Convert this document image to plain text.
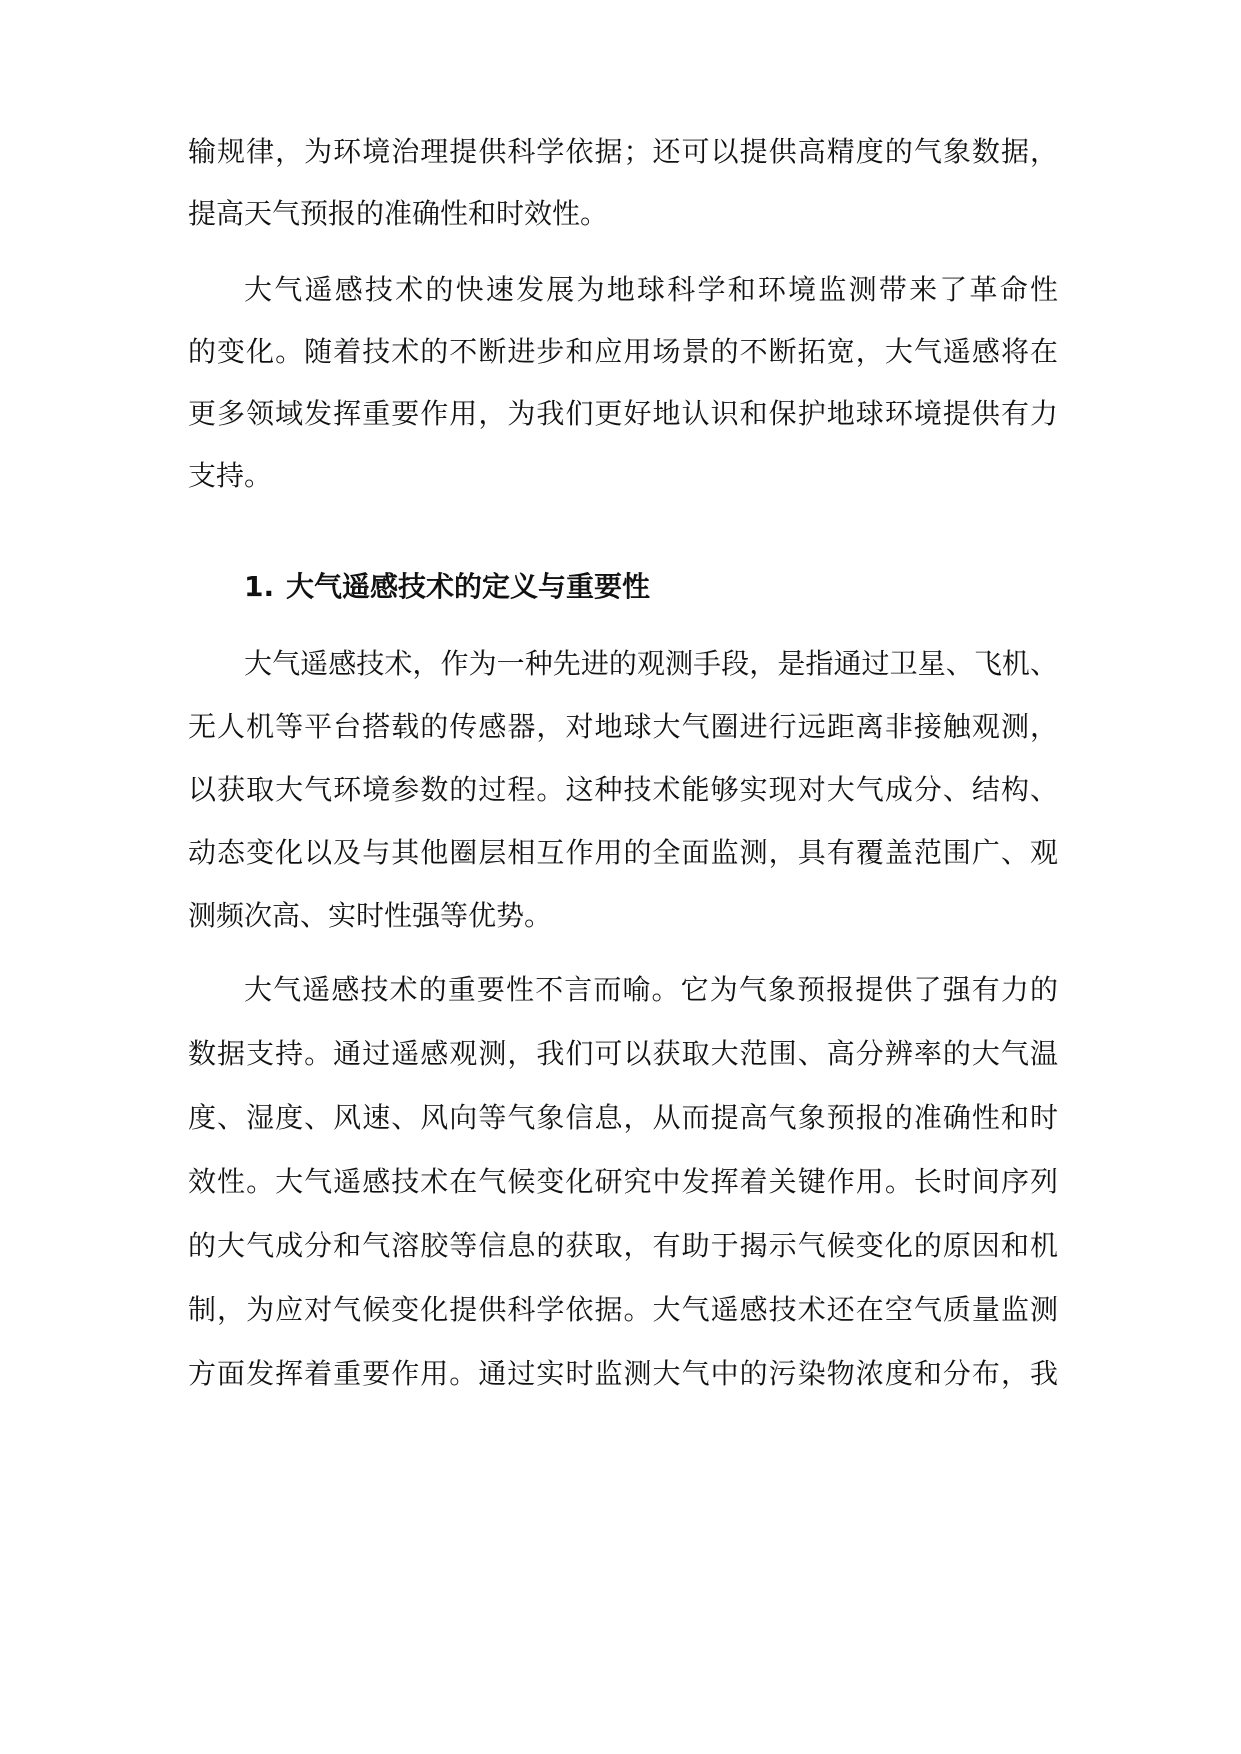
输规律，为环境治理提供科学依据；还可以提供高精度的气象数据，
提高天气预报的准确性和时效性。
大气遥感技术的快速发展为地球科学和环境监测带来了革命性
的变化。随着技术的不断进步和应用场景的不断拓宽，大气遥感将在
更多领域发挥重要作用，为我们更好地认识和保护地球环境提供有力
支持。
1. 大气遥感技术的定义与重要性
大气遥感技术，作为一种先进的观测手段，是指通过卫星、飞机、
无人机等平台搭载的传感器，对地球大气圈进行远距离非接触观测，
以获取大气环境参数的过程。这种技术能够实现对大气成分、结构、
动态变化以及与其他圈层相互作用的全面监测，具有覆盖范围广、观
测频次高、实时性强等优势。
大气遥感技术的重要性不言而喻。它为气象预报提供了强有力的
数据支持。通过遥感观测，我们可以获取大范围、高分辨率的大气温
度、湿度、风速、风向等气象信息，从而提高气象预报的准确性和时
效性。大气遥感技术在气候变化研究中发挥着关键作用。长时间序列
的大气成分和气溶胶等信息的获取，有助于揭示气候变化的原因和机
制，为应对气候变化提供科学依据。大气遥感技术还在空气质量监测
方面发挥着重要作用。通过实时监测大气中的污染物浓度和分布，我
